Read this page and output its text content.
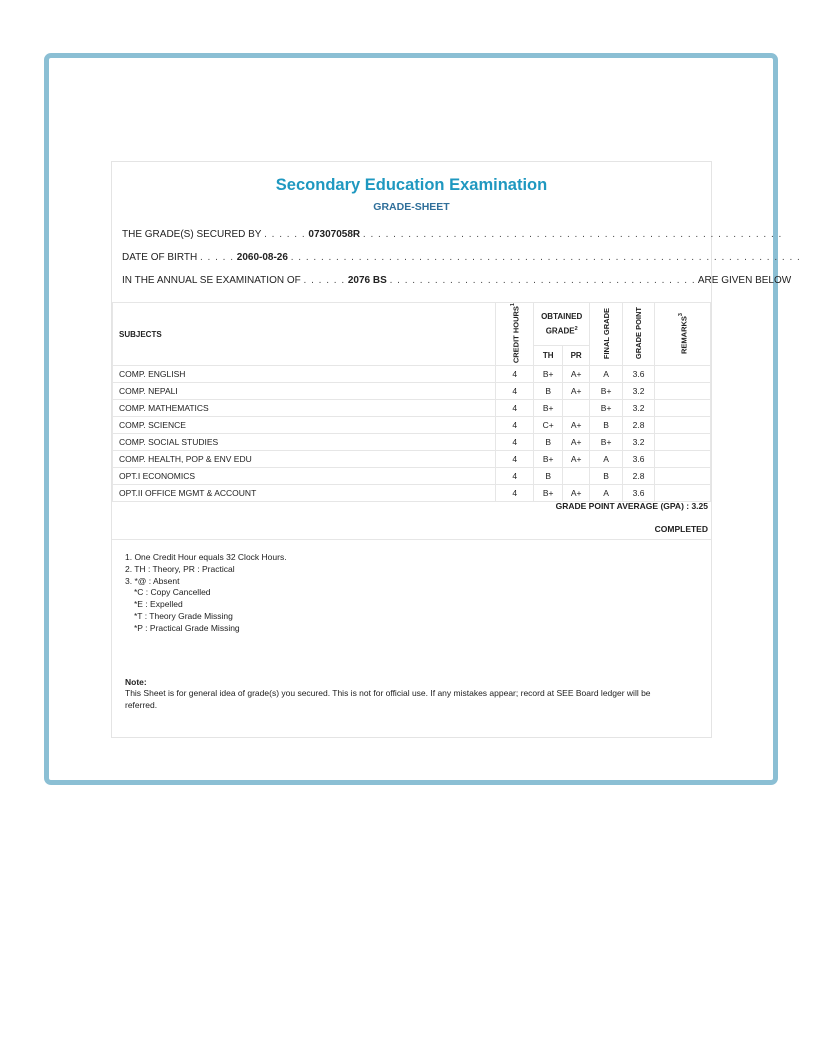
Secondary Education Examination
GRADE-SHEET
THE GRADE(S) SECURED BY . . . . . . 07307058R . . . . . . . . . . . . . . . . . . . . . . . . . . . . . . . . . . . . . . . . . . . . . . . . . . . . . . . .
DATE OF BIRTH . . . . . 2060-08-26 . . . . . . . . . . . . . . . . . . . . . . . . . . . . . . . . . . . . . . . . . . . . . . . . . . . . . . . . . . . . . . . . . . . .
IN THE ANNUAL SE EXAMINATION OF . . . . . . 2076 BS . . . . . . . . . . . . . . . . . . . . . . . . . . . . . . . . . . . . . . . . . ARE GIVEN BELOW
SUBJECTS	CREDIT HOURS$^1$	OBTAINED GRADE$^2$		FINAL GRADE	GRADE POINT	REMARKS$^3$
		TH	PR			
COMP. ENGLISH	4	B+	A+	A	3.6	
COMP. NEPALI	4	B	A+	B+	3.2	
COMP. MATHEMATICS	4	B+		B+	3.2	
COMP. SCIENCE	4	C+	A+	B	2.8	
COMP. SOCIAL STUDIES	4	B	A+	B+	3.2	
COMP. HEALTH, POP & ENV EDU	4	B+	A+	A	3.6	
OPT.I ECONOMICS	4	B		B	2.8	
OPT.II OFFICE MGMT & ACCOUNT	4	B+	A+	A	3.6	
GRADE POINT AVERAGE (GPA) : 3.25
COMPLETED
1. One Credit Hour equals 32 Clock Hours.
2. TH : Theory, PR : Practical
3. *@ : Absent
*C : Copy Cancelled
*E : Expelled
*T : Theory Grade Missing
*P : Practical Grade Missing
Note:
This Sheet is for general idea of grade(s) you secured. This is not for official use. If any mistakes appear; record at SEE Board ledger will be referred.
